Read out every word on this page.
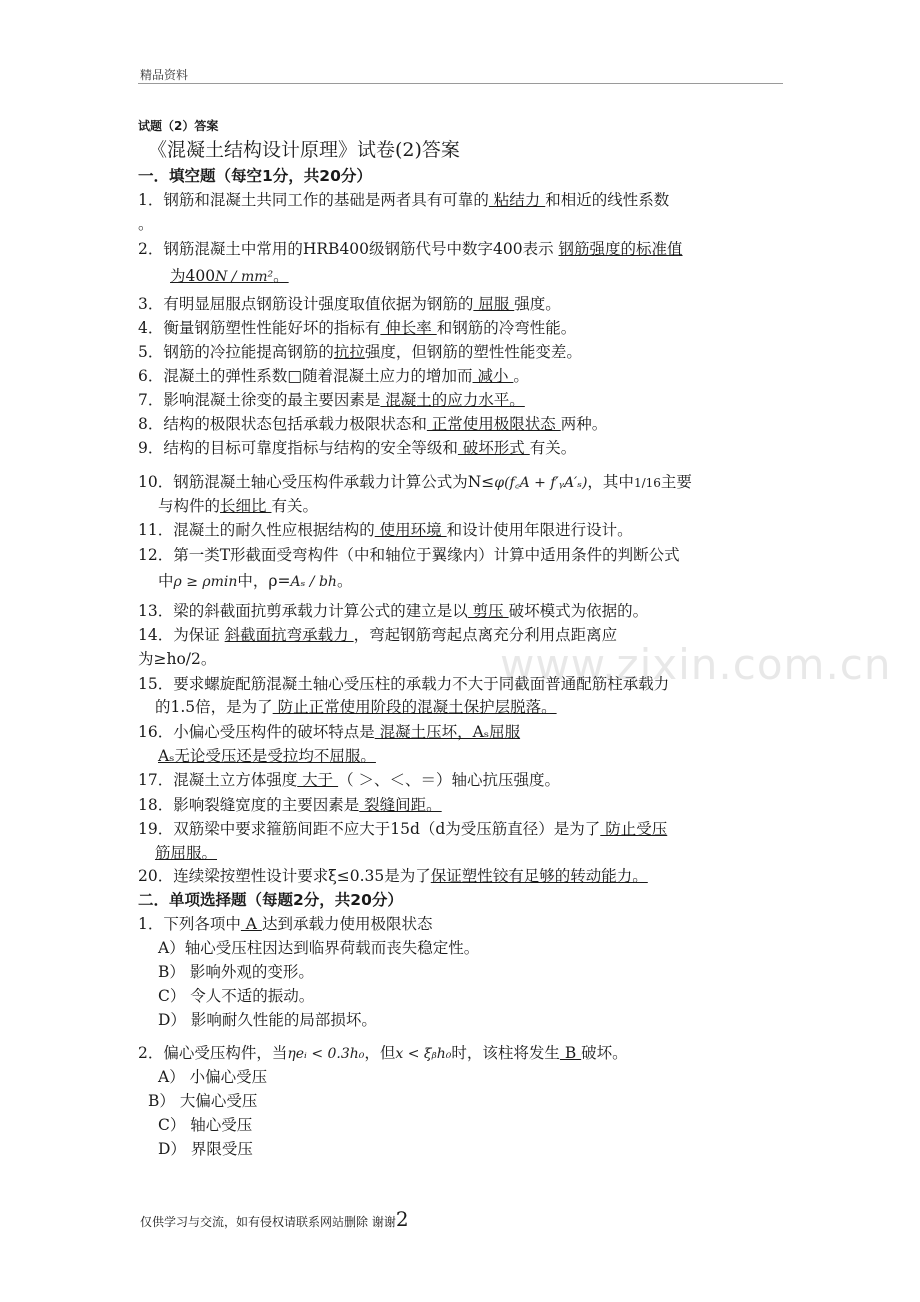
精品资料
www.zixin.com.cn
试题（2）答案
《混凝土结构设计原理》试卷(2)答案
一．填空题（每空1分，共20分）
1．钢筋和混凝土共同工作的基础是两者具有可靠的 粘结力 和相近的线性系数
。
2．钢筋混凝土中常用的HRB400级钢筋代号中数字400表示 钢筋强度的标准值
为400N / mm²。
3．有明显屈服点钢筋设计强度取值依据为钢筋的 屈服 强度。
4．衡量钢筋塑性性能好坏的指标有 伸长率 和钢筋的冷弯性能。
5．钢筋的冷拉能提高钢筋的抗拉强度，但钢筋的塑性性能变差。
6．混凝土的弹性系数□随着混凝土应力的增加而 减小 。
7．影响混凝土徐变的最主要因素是 混凝土的应力水平。
8．结构的极限状态包括承载力极限状态和 正常使用极限状态 两种。
9．结构的目标可靠度指标与结构的安全等级和 破坏形式 有关。
10．钢筋混凝土轴心受压构件承载力计算公式为N≤φ(f꜀A + f′ᵧA′ₛ)，其中1/16主要
与构件的长细比 有关。
11．混凝土的耐久性应根据结构的 使用环境 和设计使用年限进行设计。
12．第一类T形截面受弯构件（中和轴位于翼缘内）计算中适用条件的判断公式
中ρ ≥ ρmin中，ρ=Aₛ / bh。
13．梁的斜截面抗剪承载力计算公式的建立是以 剪压 破坏模式为依据的。
14．为保证 斜截面抗弯承载力 ，弯起钢筋弯起点离充分利用点距离应
为≥ho/2。
15．要求螺旋配筋混凝土轴心受压柱的承载力不大于同截面普通配筋柱承载力
的1.5倍，是为了 防止正常使用阶段的混凝土保护层脱落。
16．小偏心受压构件的破坏特点是 混凝土压坏，Aₛ屈服
Aₛ无论受压还是受拉均不屈服。
17．混凝土立方体强度 大于 （ ＞、＜、＝）轴心抗压强度。
18．影响裂缝宽度的主要因素是 裂缝间距。
19．双筋梁中要求箍筋间距不应大于15d（d为受压筋直径）是为了 防止受压
筋屈服。
20．连续梁按塑性设计要求ξ≤0.35是为了保证塑性铰有足够的转动能力。
二．单项选择题（每题2分，共20分）
1．下列各项中 A 达到承载力使用极限状态
A）轴心受压柱因达到临界荷载而丧失稳定性。
B） 影响外观的变形。
C） 令人不适的振动。
D） 影响耐久性能的局部损坏。
2．偏心受压构件，当ηeᵢ < 0.3h₀，但x < ξᵦh₀时，该柱将发生 B 破坏。
A） 小偏心受压
B） 大偏心受压
C） 轴心受压
D） 界限受压
仅供学习与交流，如有侵权请联系网站删除 谢谢2
